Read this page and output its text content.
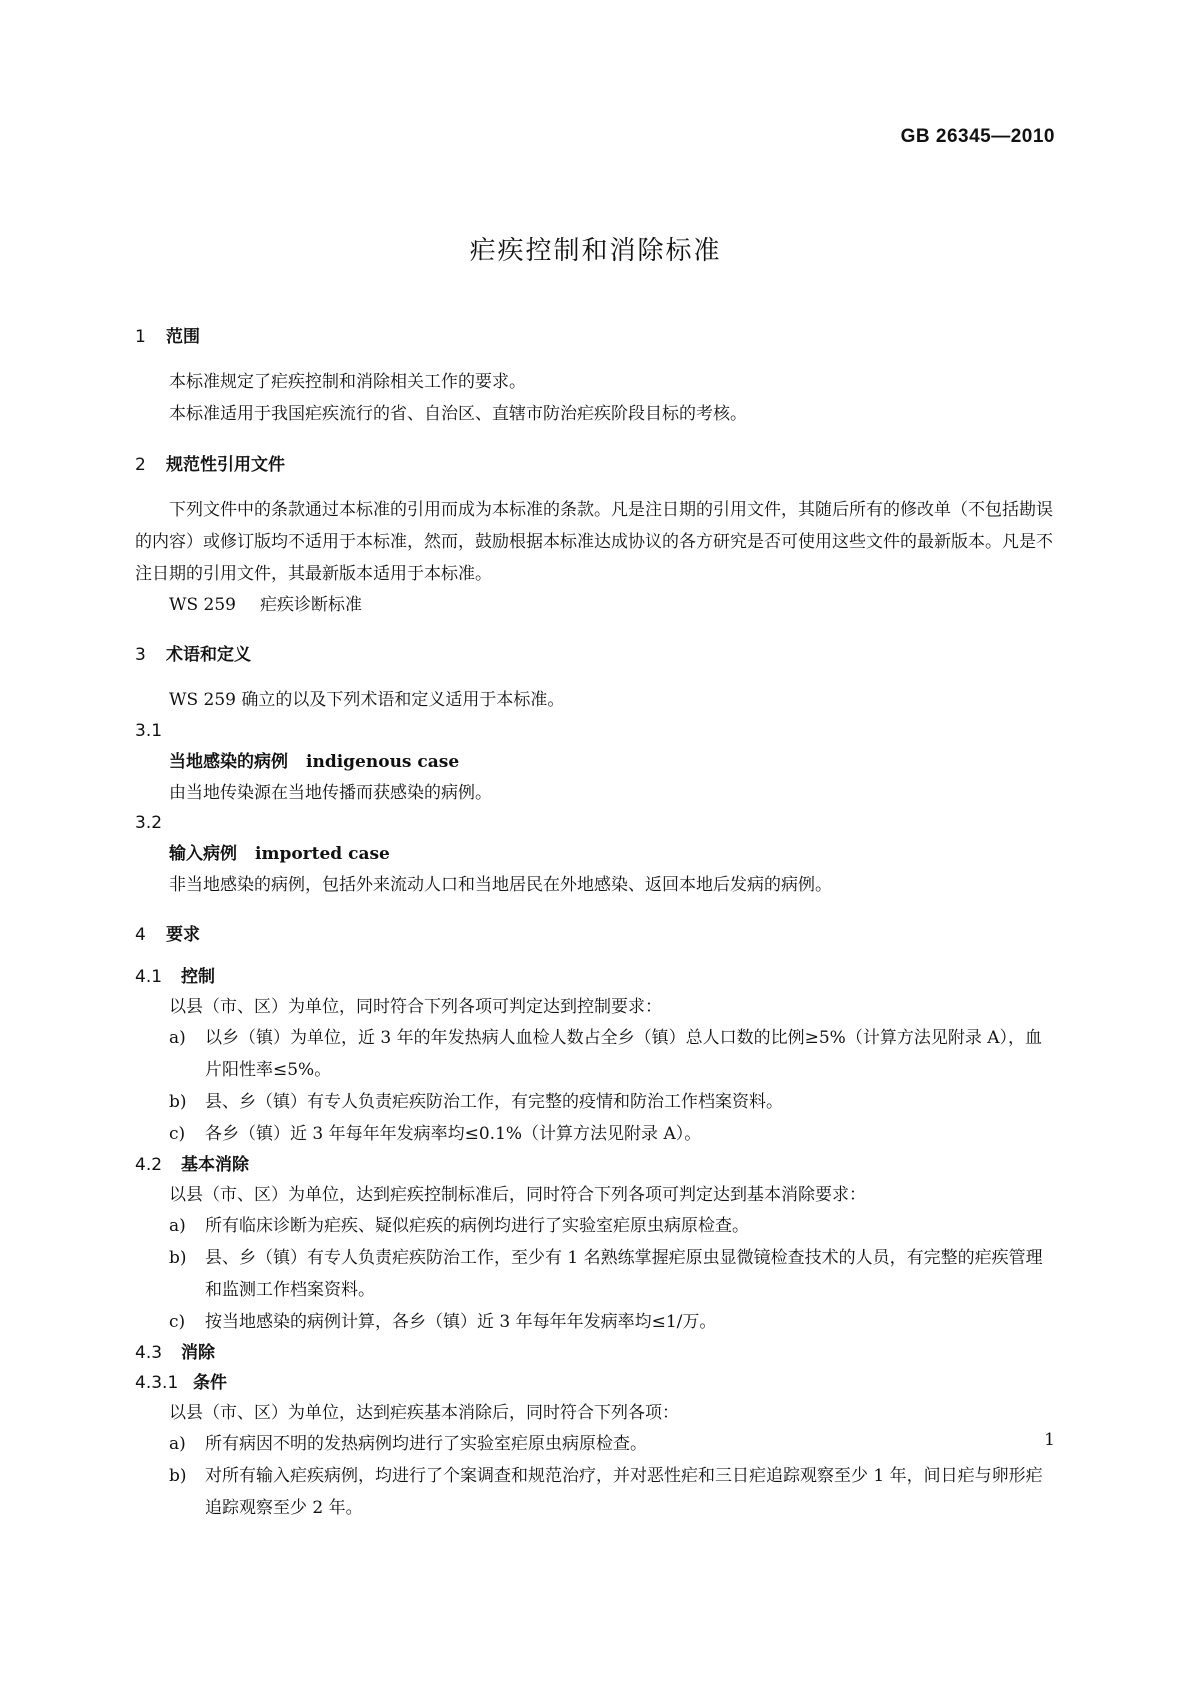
GB 26345—2010
疟疾控制和消除标准
1 范围
本标准规定了疟疾控制和消除相关工作的要求。
本标准适用于我国疟疾流行的省、自治区、直辖市防治疟疾阶段目标的考核。
2 规范性引用文件
下列文件中的条款通过本标准的引用而成为本标准的条款。凡是注日期的引用文件，其随后所有的修改单（不包括勘误的内容）或修订版均不适用于本标准，然而，鼓励根据本标准达成协议的各方研究是否可使用这些文件的最新版本。凡是不注日期的引用文件，其最新版本适用于本标准。
WS 259 疟疾诊断标准
3 术语和定义
WS 259 确立的以及下列术语和定义适用于本标准。
3.1
当地感染的病例 indigenous case
由当地传染源在当地传播而获感染的病例。
3.2
输入病例 imported case
非当地感染的病例，包括外来流动人口和当地居民在外地感染、返回本地后发病的病例。
4 要求
4.1 控制
以县（市、区）为单位，同时符合下列各项可判定达到控制要求：
a) 以乡（镇）为单位，近 3 年的年发热病人血检人数占全乡（镇）总人口数的比例≥5%（计算方法见附录 A），血片阳性率≤5%。
b) 县、乡（镇）有专人负责疟疾防治工作，有完整的疫情和防治工作档案资料。
c) 各乡（镇）近 3 年每年年发病率均≤0.1%（计算方法见附录 A）。
4.2 基本消除
以县（市、区）为单位，达到疟疾控制标准后，同时符合下列各项可判定达到基本消除要求：
a) 所有临床诊断为疟疾、疑似疟疾的病例均进行了实验室疟原虫病原检查。
b) 县、乡（镇）有专人负责疟疾防治工作，至少有 1 名熟练掌握疟原虫显微镜检查技术的人员，有完整的疟疾管理和监测工作档案资料。
c) 按当地感染的病例计算，各乡（镇）近 3 年每年年发病率均≤1/万。
4.3 消除
4.3.1 条件
以县（市、区）为单位，达到疟疾基本消除后，同时符合下列各项：
a) 所有病因不明的发热病例均进行了实验室疟原虫病原检查。
b) 对所有输入疟疾病例，均进行了个案调查和规范治疗，并对恶性疟和三日疟追踪观察至少 1 年，间日疟与卵形疟追踪观察至少 2 年。
1
